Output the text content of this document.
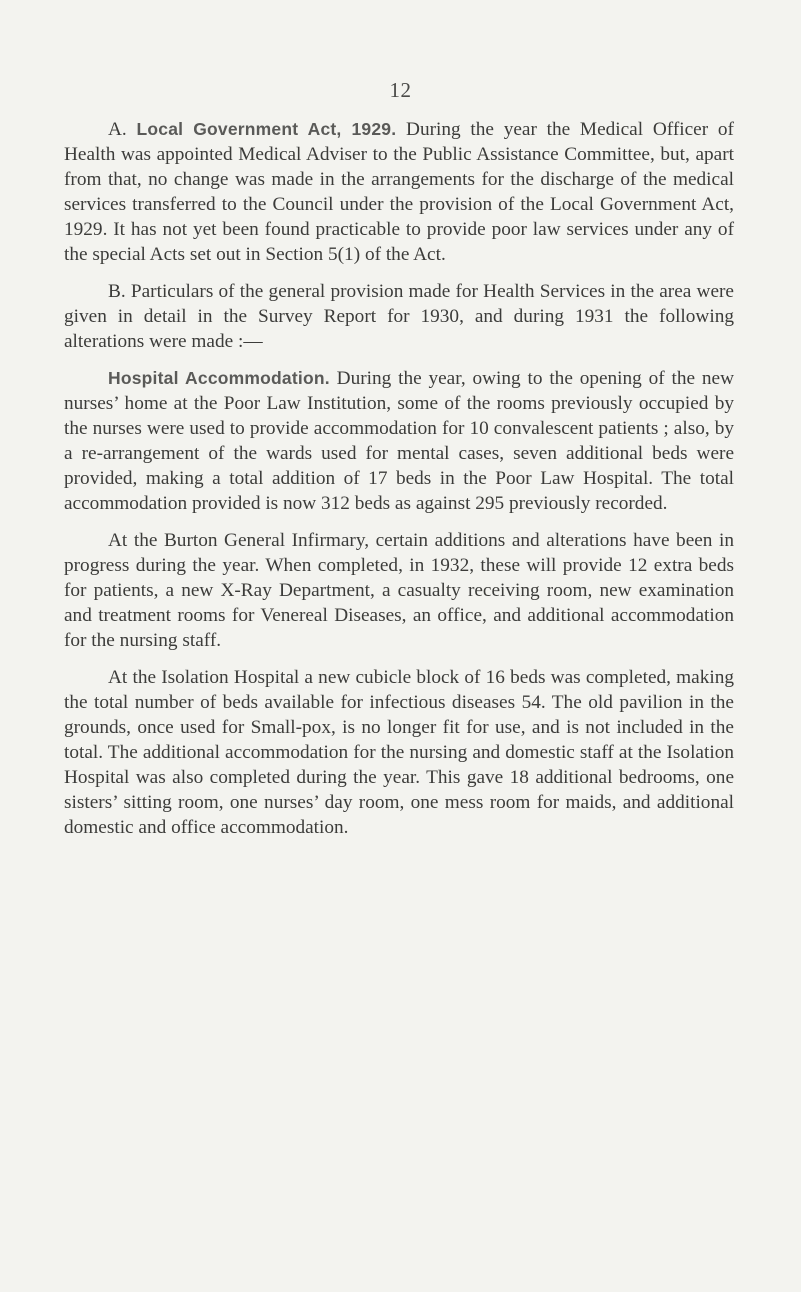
12

A. Local Government Act, 1929. During the year the Medical Officer of Health was appointed Medical Adviser to the Public Assistance Committee, but, apart from that, no change was made in the arrangements for the discharge of the medical services transferred to the Council under the provision of the Local Government Act, 1929. It has not yet been found practicable to provide poor law services under any of the special Acts set out in Section 5(1) of the Act.

B. Particulars of the general provision made for Health Services in the area were given in detail in the Survey Report for 1930, and during 1931 the following alterations were made :—

Hospital Accommodation. During the year, owing to the opening of the new nurses’ home at the Poor Law Institution, some of the rooms previously occupied by the nurses were used to provide accommodation for 10 convalescent patients ; also, by a re-arrangement of the wards used for mental cases, seven additional beds were provided, making a total addition of 17 beds in the Poor Law Hospital. The total accommodation provided is now 312 beds as against 295 previously recorded.

At the Burton General Infirmary, certain additions and alterations have been in progress during the year. When completed, in 1932, these will provide 12 extra beds for patients, a new X-Ray Department, a casualty receiving room, new examination and treatment rooms for Venereal Diseases, an office, and additional accommodation for the nursing staff.

At the Isolation Hospital a new cubicle block of 16 beds was completed, making the total number of beds available for infectious diseases 54. The old pavilion in the grounds, once used for Small-pox, is no longer fit for use, and is not included in the total. The additional accommodation for the nursing and domestic staff at the Isolation Hospital was also completed during the year. This gave 18 additional bedrooms, one sisters’ sitting room, one nurses’ day room, one mess room for maids, and additional domestic and office accommodation.
